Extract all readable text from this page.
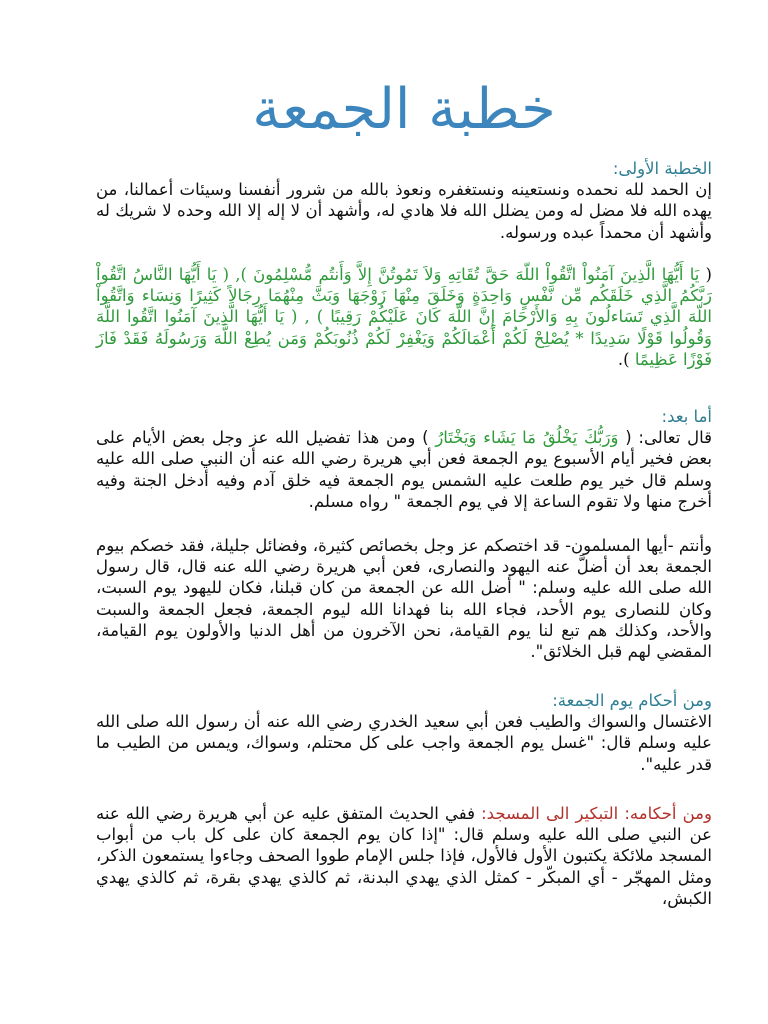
خطبة الجمعة
الخطبة الأولى:

إن الحمد لله نحمده ونستعينه ونستغفره ونعوذ بالله من شرور أنفسنا وسيئات أعمالنا، من يهده الله فلا مضل له ومن يضلل الله فلا هادي له، وأشهد أن لا إله إلا الله وحده لا شريك له وأشهد أن محمداً عبده ورسوله.

( يَا أَيُّهَا الَّذِينَ آمَنُواْ اتَّقُواْ اللّهَ حَقَّ تُقَاتِهِ وَلاَ تَمُوتُنَّ إِلاَّ وَأَنتُم مُّسْلِمُونَ ), ( يَا أَيُّهَا النَّاسُ اتَّقُواْ رَبَّكُمُ الَّذِي خَلَقَكُم مِّن نَّفْسٍ وَاحِدَةٍ وَخَلَقَ مِنْهَا زَوْجَهَا وَبَثَّ مِنْهُمَا رِجَالاً كَثِيرًا وَنِسَاء وَاتَّقُواْ اللّهَ الَّذِي تَسَاءلُونَ بِهِ وَالأَرْحَامَ إِنَّ اللّهَ كَانَ عَلَيْكُمْ رَقِيبًا ) , ( يَا أَيُّهَا الَّذِينَ آمَنُوا اتَّقُوا اللَّهَ وَقُولُوا قَوْلًا سَدِيدًا * يُصْلِحْ لَكُمْ أَعْمَالَكُمْ وَيَغْفِرْ لَكُمْ ذُنُوبَكُمْ وَمَن يُطِعْ اللَّهَ وَرَسُولَهُ فَقَدْ فَازَ فَوْزًا عَظِيمًا ).
أما بعد:

قال تعالى: ( وَرَبُّكَ يَخْلُقُ مَا يَشَاء وَيَخْتَارُ ) ومن هذا تفضيل الله عز وجل بعض الأيام على بعض فخير أيام الأسبوع يوم الجمعة فعن أبي هريرة رضي الله عنه أن النبي صلى الله عليه وسلم قال خير يوم طلعت عليه الشمس يوم الجمعة فيه خلق آدم وفيه أدخل الجنة وفيه أخرج منها ولا تقوم الساعة إلا في يوم الجمعة " رواه مسلم.

وأنتم -أيها المسلمون- قد اختصكم عز وجل بخصائص كثيرة، وفضائل جليلة، فقد خصكم بيوم الجمعة بعد أن أضلَّ عنه اليهود والنصارى، فعن أبي هريرة رضي الله عنه قال، قال رسول الله صلى الله عليه وسلم: " أضل الله عن الجمعة من كان قبلنا، فكان لليهود يوم السبت، وكان للنصارى يوم الأحد، فجاء الله بنا فهدانا الله ليوم الجمعة، فجعل الجمعة والسبت والأحد، وكذلك هم تبع لنا يوم القيامة، نحن الآخرون من أهل الدنيا والأولون يوم القيامة، المقضي لهم قبل الخلائق".

ومن أحكام يوم الجمعة:

الاغتسال والسواك والطيب فعن أبي سعيد الخدري رضي الله عنه أن رسول الله صلى الله عليه وسلم قال: "غسل يوم الجمعة واجب على كل محتلم، وسواك، ويمس من الطيب ما قدر عليه".

ومن أحكامه: التبكير الى المسجد: ففي الحديث المتفق عليه عن أبي هريرة رضي الله عنه عن النبي صلى الله عليه وسلم قال: "إذا كان يوم الجمعة كان على كل باب من أبواب المسجد ملائكة يكتبون الأول فالأول، فإذا جلس الإمام طووا الصحف وجاءوا يستمعون الذكر، ومثل المهجّر - أي المبكّر - كمثل الذي يهدي البدنة، ثم كالذي يهدي بقرة، ثم كالذي يهدي الكبش،
